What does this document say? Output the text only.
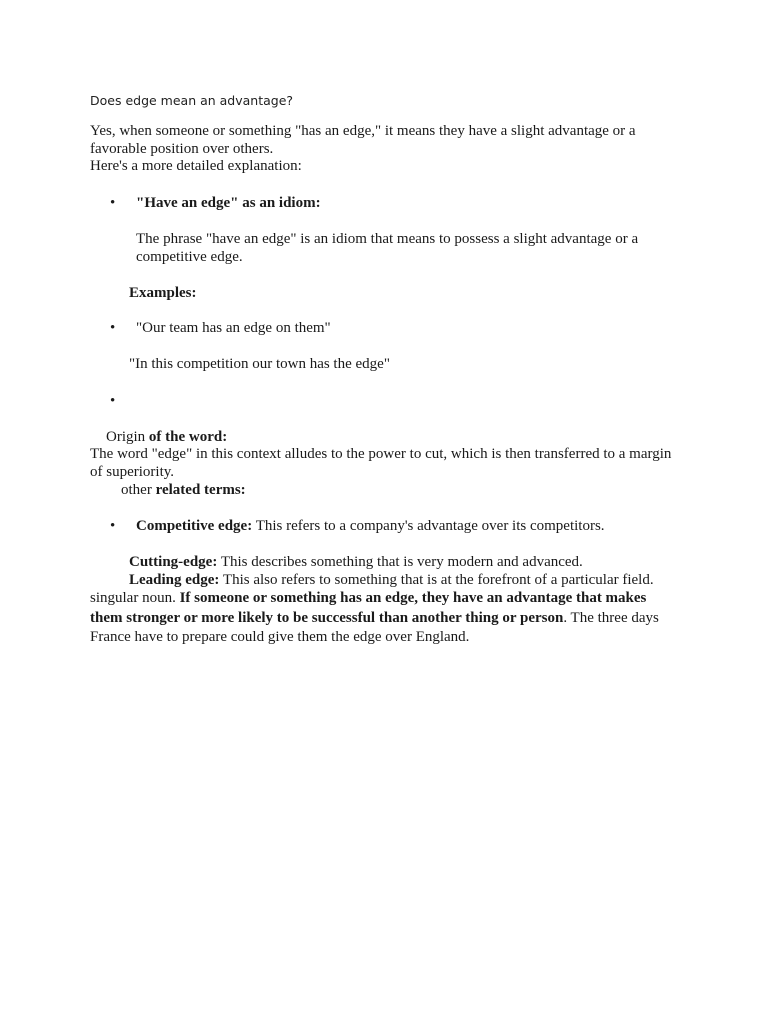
Does edge mean an advantage?
Yes, when someone or something "has an edge," it means they have a slight advantage or a favorable position over others.
Here's a more detailed explanation:
• "Have an edge" as an idiom:
The phrase "have an edge" is an idiom that means to possess a slight advantage or a competitive edge.
Examples:
• "Our team has an edge on them"
"In this competition our town has the edge"
•
Origin of the word:
The word "edge" in this context alludes to the power to cut, which is then transferred to a margin of superiority.
other related terms:
• Competitive edge: This refers to a company's advantage over its competitors.
Cutting-edge: This describes something that is very modern and advanced.
Leading edge: This also refers to something that is at the forefront of a particular field.
singular noun. If someone or something has an edge, they have an advantage that makes them stronger or more likely to be successful than another thing or person. The three days France have to prepare could give them the edge over England.
